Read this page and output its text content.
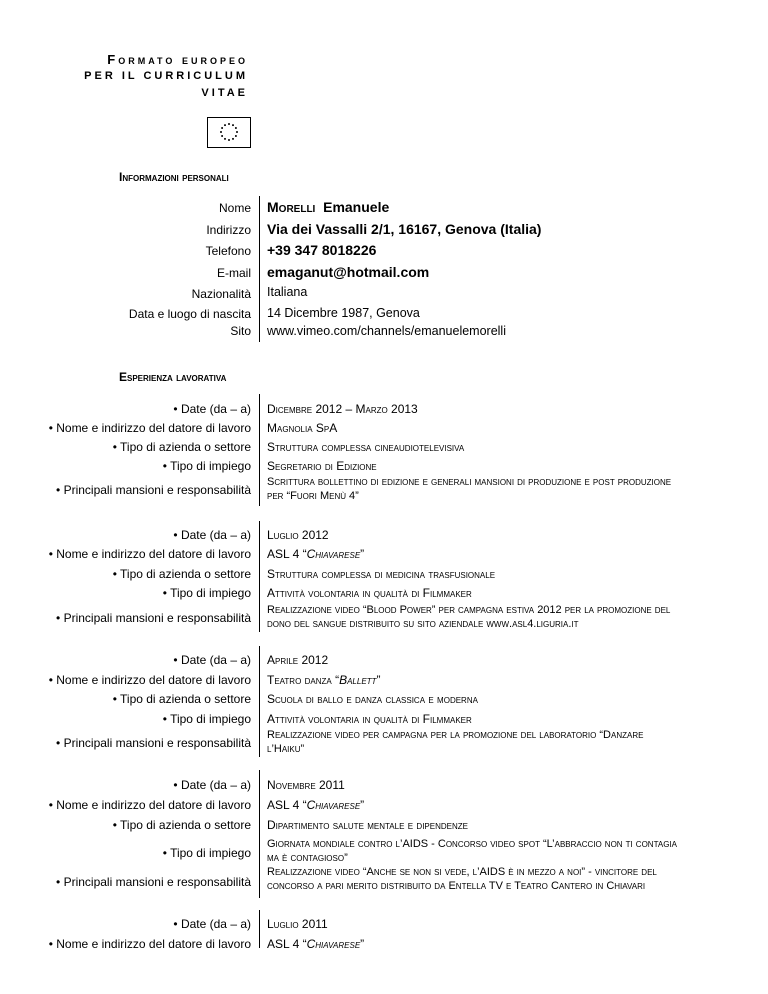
Formato europeo
PER IL CURRICULUM
VITAE
Informazioni personali
Nome Morelli Emanuele
Indirizzo Via dei Vassalli 2/1, 16167, Genova (Italia)
Telefono +39 347 8018226
E-mail emaganut@hotmail.com
Nazionalità Italiana
Data e luogo di nascita 14 Dicembre 1987, Genova
Sito www.vimeo.com/channels/emanuelemorelli
Esperienza lavorativa
• Date (da – a) Dicembre 2012 – Marzo 2013
• Nome e indirizzo del datore di lavoro Magnolia SpA
• Tipo di azienda o settore Struttura complessa cineaudiotelevisiva
• Tipo di impiego Segretario di Edizione
• Principali mansioni e responsabilità
Scrittura bollettino di edizione e generali mansioni di produzione e post produzione
per “Fuori Menù 4”
• Date (da – a) Luglio 2012
• Nome e indirizzo del datore di lavoro ASL 4 “Chiavarese”
• Tipo di azienda o settore Struttura complessa di medicina trasfusionale
• Tipo di impiego Attività volontaria in qualità di Filmmaker
• Principali mansioni e responsabilità
Realizzazione video “Blood Power” per campagna estiva 2012 per la promozione del
dono del sangue distribuito su sito aziendale www.asl4.liguria.it
• Date (da – a) Aprile 2012
• Nome e indirizzo del datore di lavoro Teatro danza “Ballett”
• Tipo di azienda o settore Scuola di ballo e danza classica e moderna
• Tipo di impiego Attività volontaria in qualità di Filmmaker
• Principali mansioni e responsabilità
Realizzazione video per campagna per la promozione del laboratorio “Danzare
l’Haiku”
• Date (da – a) Novembre 2011
• Nome e indirizzo del datore di lavoro ASL 4 “Chiavarese”
• Tipo di azienda o settore Dipartimento salute mentale e dipendenze
• Tipo di impiego
Giornata mondiale contro l’AIDS - Concorso video spot “L’abbraccio non ti contagia
ma è contagioso”
• Principali mansioni e responsabilità
Realizzazione video “Anche se non si vede, l’AIDS è in mezzo a noi” - vincitore del
concorso a pari merito distribuito da Entella TV e Teatro Cantero in Chiavari
• Date (da – a) Luglio 2011
• Nome e indirizzo del datore di lavoro ASL 4 “Chiavarese”
